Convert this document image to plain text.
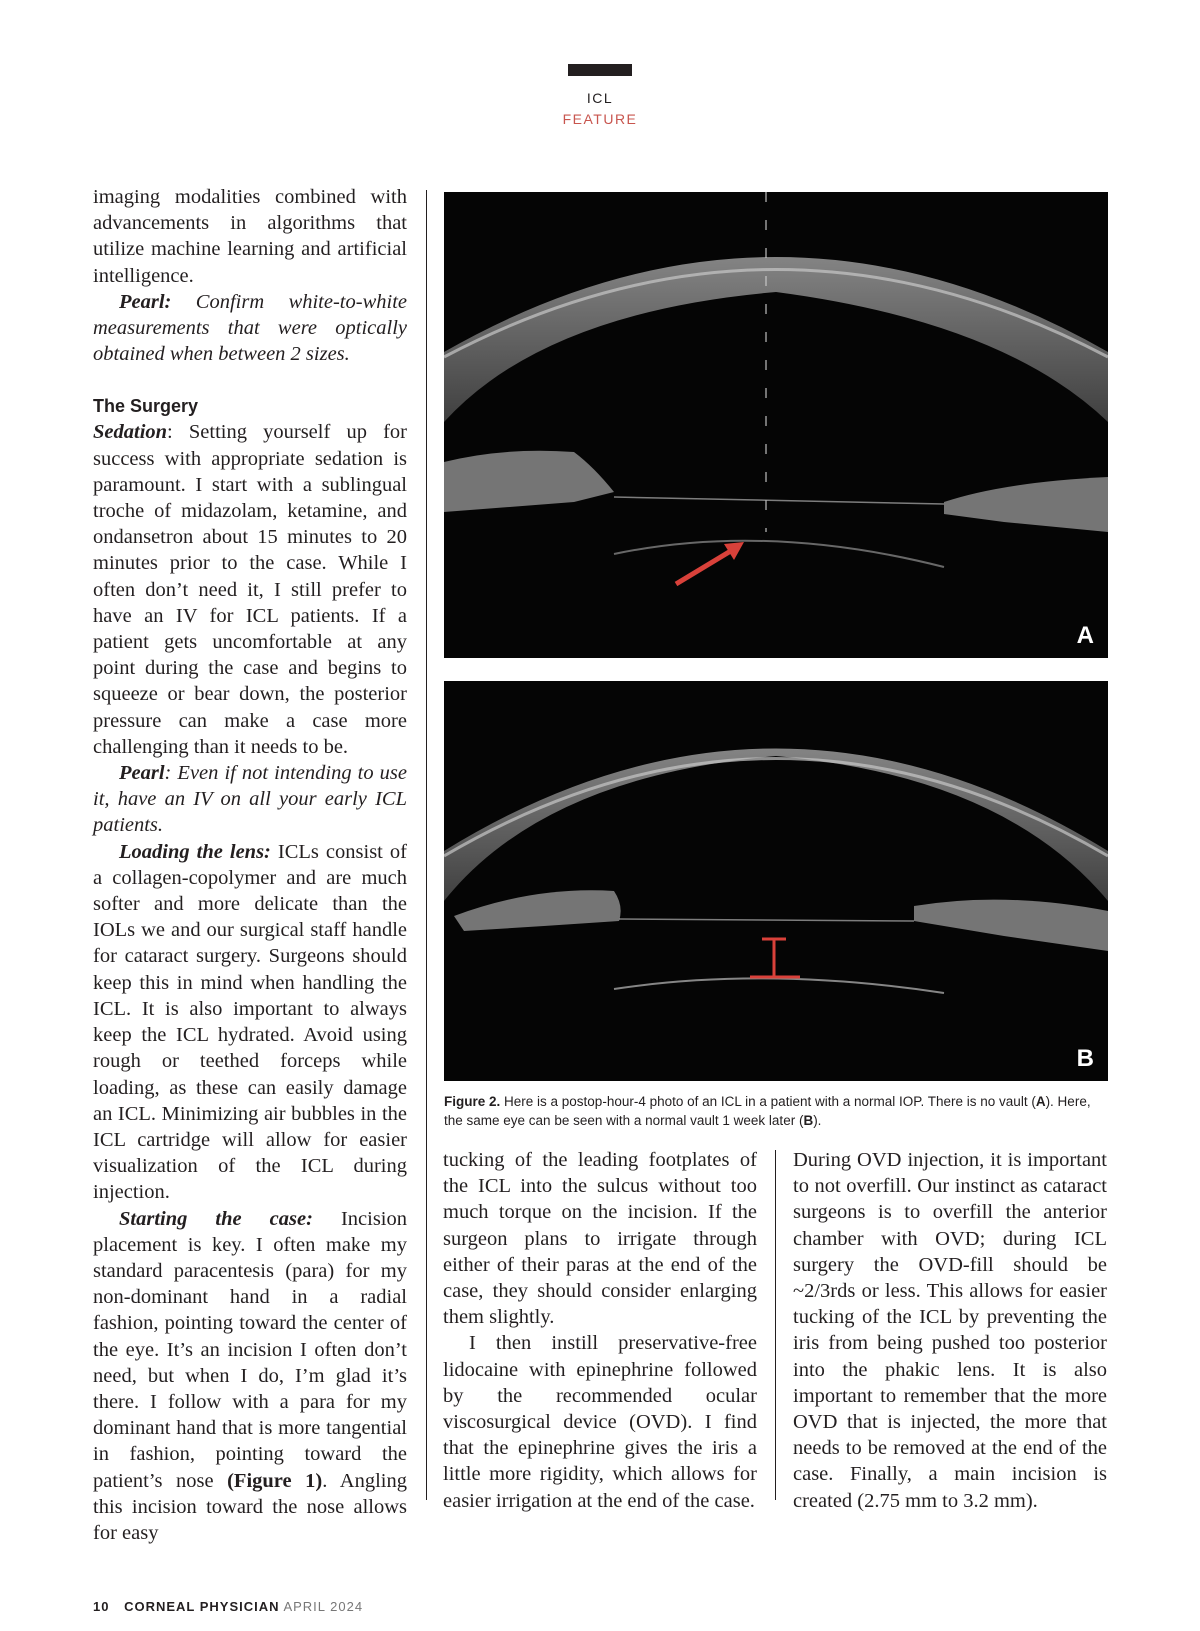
ICL
FEATURE

imaging modalities combined with advancements in algorithms that utilize machine learning and artificial intelligence.

Pearl: Confirm white-to-white measurements that were optically obtained when between 2 sizes.

The Surgery

Sedation: Setting yourself up for success with appropriate sedation is paramount. I start with a sublingual troche of midazolam, ketamine, and ondansetron about 15 minutes to 20 minutes prior to the case. While I often don’t need it, I still prefer to have an IV for ICL patients. If a patient gets uncomfortable at any point during the case and begins to squeeze or bear down, the posterior pressure can make a case more challenging than it needs to be.

Pearl: Even if not intending to use it, have an IV on all your early ICL patients.

Loading the lens: ICLs consist of a collagen-copolymer and are much softer and more delicate than the IOLs we and our surgical staff handle for cataract surgery. Surgeons should keep this in mind when handling the ICL. It is also important to always keep the ICL hydrated. Avoid using rough or teethed forceps while loading, as these can easily damage an ICL. Minimizing air bubbles in the ICL cartridge will allow for easier visualization of the ICL during injection.

Starting the case: Incision placement is key. I often make my standard paracentesis (para) for my non-dominant hand in a radial fashion, pointing toward the center of the eye. It’s an incision I often don’t need, but when I do, I’m glad it’s there. I follow with a para for my dominant hand that is more tangential in fashion, pointing toward the patient’s nose (Figure 1). Angling this incision toward the nose allows for easy

A
B
Figure 2. Here is a postop-hour-4 photo of an ICL in a patient with a normal IOP. There is no vault (A). Here, the same eye can be seen with a normal vault 1 week later (B).

tucking of the leading footplates of the ICL into the sulcus without too much torque on the incision. If the surgeon plans to irrigate through either of their paras at the end of the case, they should consider enlarging them slightly.

I then instill preservative-free lidocaine with epinephrine followed by the recommended ocular viscosurgical device (OVD). I find that the epinephrine gives the iris a little more rigidity, which allows for easier irrigation at the end of the case.

During OVD injection, it is important to not overfill. Our instinct as cataract surgeons is to overfill the anterior chamber with OVD; during ICL surgery the OVD-fill should be ~2/3rds or less. This allows for easier tucking of the ICL by preventing the iris from being pushed too posterior into the phakic lens. It is also important to remember that the more OVD that is injected, the more that needs to be removed at the end of the case. Finally, a main incision is created (2.75 mm to 3.2 mm).

10 CORNEAL PHYSICIAN APRIL 2024
